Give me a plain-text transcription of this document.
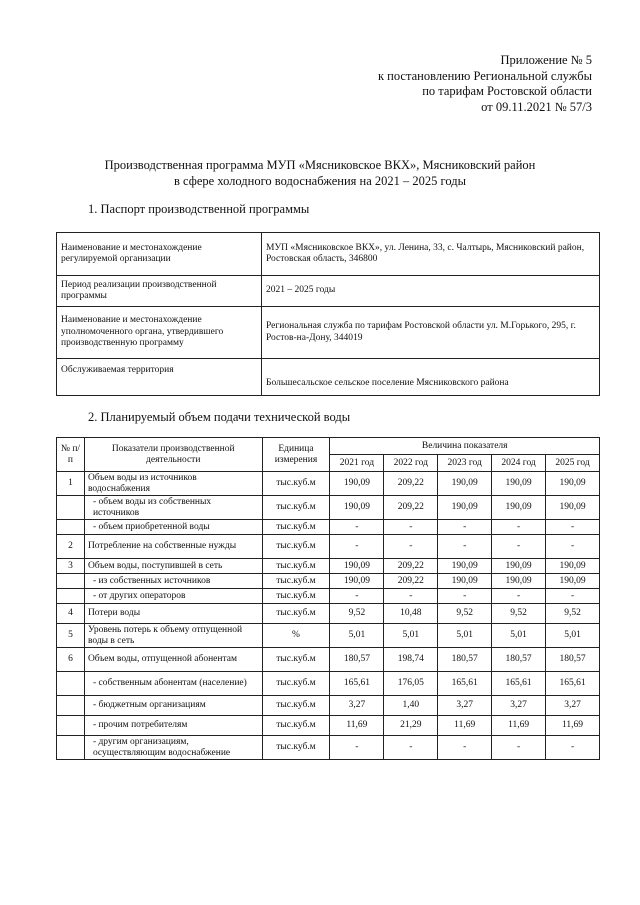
Приложение № 5
к постановлению Региональной службы
по тарифам Ростовской области
от 09.11.2021 № 57/3
Производственная программа МУП «Мясниковское ВКХ», Мясниковский район
в сфере холодного водоснабжения на 2021 – 2025 годы
1. Паспорт производственной программы
Наименование и местонахождение регулируемой организации	МУП «Мясниковское ВКХ», ул. Ленина, 33, с. Чалтырь, Мясниковский район, Ростовская область, 346800
Период реализации производственной программы	2021 – 2025 годы
Наименование и местонахождение уполномоченного органа, утвердившего производственную программу	Региональная служба по тарифам Ростовской области ул. М.Горького, 295, г. Ростов-на-Дону, 344019
Обслуживаемая территория	Большесальское сельское поселение Мясниковского района
2. Планируемый объем подачи технической воды
№ п/п	Показатели производственной деятельности	Единица измерения	Величина показателя				
			2021 год	2022 год	2023 год	2024 год	2025 год
1	Объем воды из источников водоснабжения	тыс.куб.м	190,09	209,22	190,09	190,09	190,09
	- объем воды из собственных источников	тыс.куб.м	190,09	209,22	190,09	190,09	190,09
	- объем приобретенной воды	тыс.куб.м	-	-	-	-	-
2	Потребление на собственные нужды	тыс.куб.м	-	-	-	-	-
3	Объем воды, поступившей в сеть	тыс.куб.м	190,09	209,22	190,09	190,09	190,09
	- из собственных источников	тыс.куб.м	190,09	209,22	190,09	190,09	190,09
	- от других операторов	тыс.куб.м	-	-	-	-	-
4	Потери воды	тыс.куб.м	9,52	10,48	9,52	9,52	9,52
5	Уровень потерь к объему отпущенной воды в сеть	%	5,01	5,01	5,01	5,01	5,01
6	Объем воды, отпущенной абонентам	тыс.куб.м	180,57	198,74	180,57	180,57	180,57
	- собственным абонентам (население)	тыс.куб.м	165,61	176,05	165,61	165,61	165,61
	- бюджетным организациям	тыс.куб.м	3,27	1,40	3,27	3,27	3,27
	- прочим потребителям	тыс.куб.м	11,69	21,29	11,69	11,69	11,69
	- другим организациям, осуществляющим водоснабжение	тыс.куб.м	-	-	-	-	-
